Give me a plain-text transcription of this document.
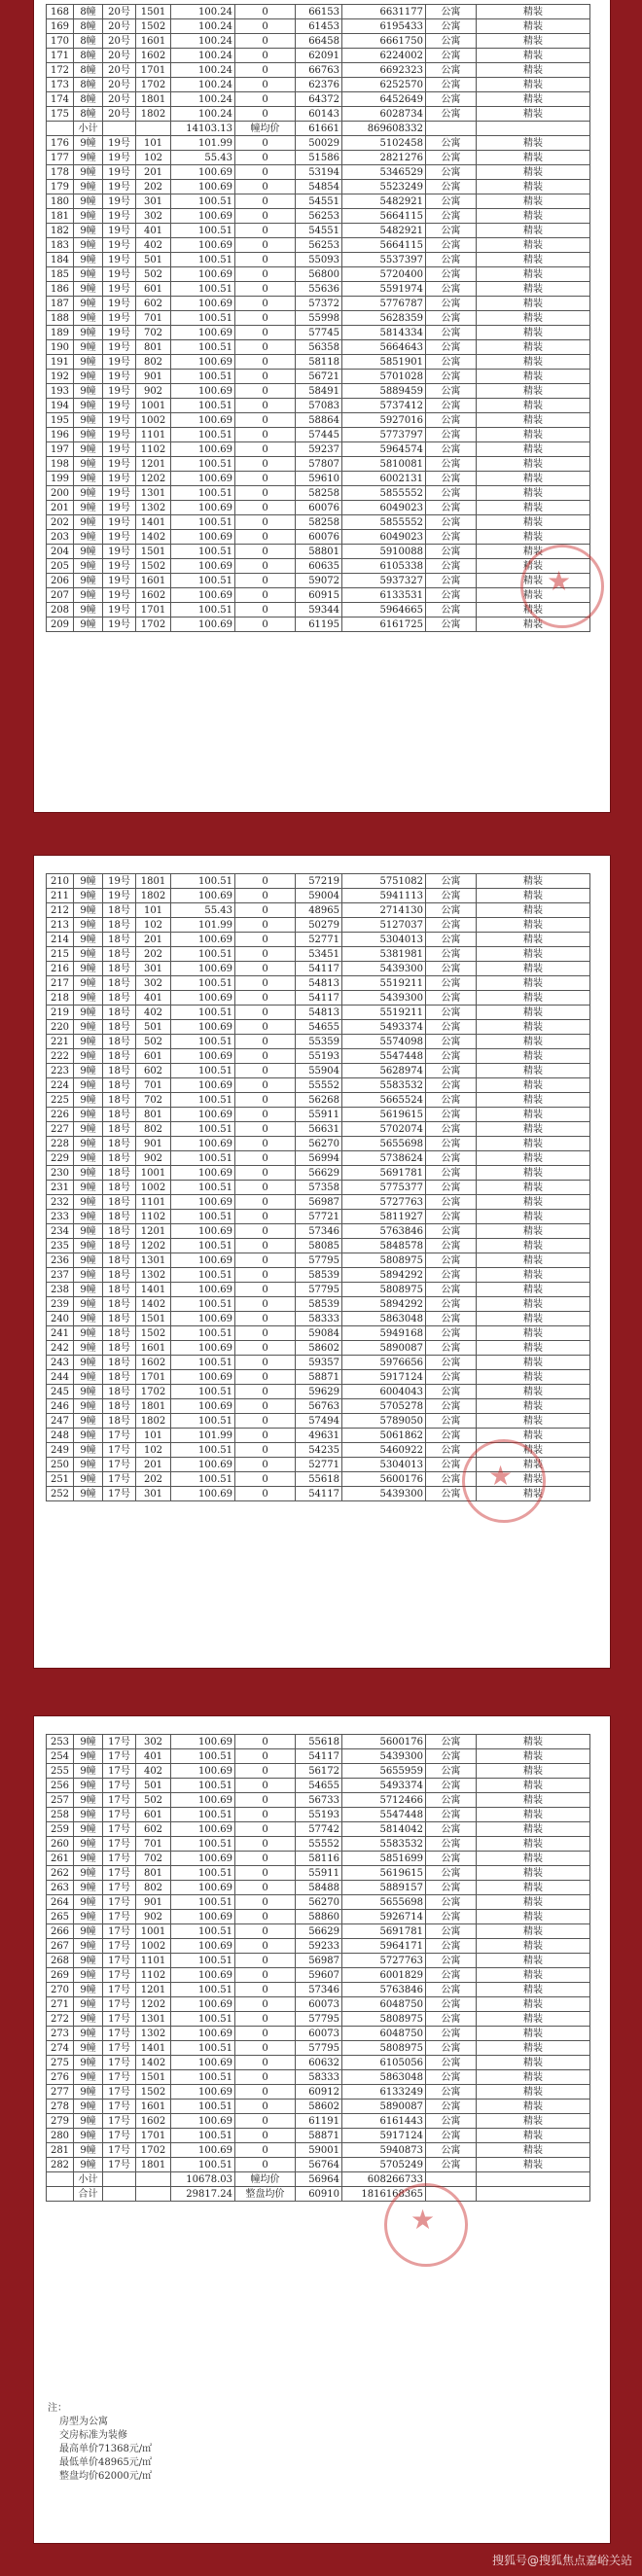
168	8幢	20号	1501	100.24	0	66153	6631177	公寓	精装
169	8幢	20号	1502	100.24	0	61453	6195433	公寓	精装
170	8幢	20号	1601	100.24	0	66458	6661750	公寓	精装
171	8幢	20号	1602	100.24	0	62091	6224002	公寓	精装
172	8幢	20号	1701	100.24	0	66763	6692323	公寓	精装
173	8幢	20号	1702	100.24	0	62376	6252570	公寓	精装
174	8幢	20号	1801	100.24	0	64372	6452649	公寓	精装
175	8幢	20号	1802	100.24	0	60143	6028734	公寓	精装
	小计			14103.13	幢均价	61661	869608332		
176	9幢	19号	101	101.99	0	50029	5102458	公寓	精装
177	9幢	19号	102	55.43	0	51586	2821276	公寓	精装
178	9幢	19号	201	100.69	0	53194	5346529	公寓	精装
179	9幢	19号	202	100.69	0	54854	5523249	公寓	精装
180	9幢	19号	301	100.51	0	54551	5482921	公寓	精装
181	9幢	19号	302	100.69	0	56253	5664115	公寓	精装
182	9幢	19号	401	100.51	0	54551	5482921	公寓	精装
183	9幢	19号	402	100.69	0	56253	5664115	公寓	精装
184	9幢	19号	501	100.51	0	55093	5537397	公寓	精装
185	9幢	19号	502	100.69	0	56800	5720400	公寓	精装
186	9幢	19号	601	100.51	0	55636	5591974	公寓	精装
187	9幢	19号	602	100.69	0	57372	5776787	公寓	精装
188	9幢	19号	701	100.51	0	55998	5628359	公寓	精装
189	9幢	19号	702	100.69	0	57745	5814334	公寓	精装
190	9幢	19号	801	100.51	0	56358	5664643	公寓	精装
191	9幢	19号	802	100.69	0	58118	5851901	公寓	精装
192	9幢	19号	901	100.51	0	56721	5701028	公寓	精装
193	9幢	19号	902	100.69	0	58491	5889459	公寓	精装
194	9幢	19号	1001	100.51	0	57083	5737412	公寓	精装
195	9幢	19号	1002	100.69	0	58864	5927016	公寓	精装
196	9幢	19号	1101	100.51	0	57445	5773797	公寓	精装
197	9幢	19号	1102	100.69	0	59237	5964574	公寓	精装
198	9幢	19号	1201	100.51	0	57807	5810081	公寓	精装
199	9幢	19号	1202	100.69	0	59610	6002131	公寓	精装
200	9幢	19号	1301	100.51	0	58258	5855552	公寓	精装
201	9幢	19号	1302	100.69	0	60076	6049023	公寓	精装
202	9幢	19号	1401	100.51	0	58258	5855552	公寓	精装
203	9幢	19号	1402	100.69	0	60076	6049023	公寓	精装
204	9幢	19号	1501	100.51	0	58801	5910088	公寓	精装
205	9幢	19号	1502	100.69	0	60635	6105338	公寓	精装
206	9幢	19号	1601	100.51	0	59072	5937327	公寓	精装
207	9幢	19号	1602	100.69	0	60915	6133531	公寓	精装
208	9幢	19号	1701	100.51	0	59344	5964665	公寓	精装
209	9幢	19号	1702	100.69	0	61195	6161725	公寓	精装
★
210	9幢	19号	1801	100.51	0	57219	5751082	公寓	精装
211	9幢	19号	1802	100.69	0	59004	5941113	公寓	精装
212	9幢	18号	101	55.43	0	48965	2714130	公寓	精装
213	9幢	18号	102	101.99	0	50279	5127037	公寓	精装
214	9幢	18号	201	100.69	0	52771	5304013	公寓	精装
215	9幢	18号	202	100.51	0	53451	5381981	公寓	精装
216	9幢	18号	301	100.69	0	54117	5439300	公寓	精装
217	9幢	18号	302	100.51	0	54813	5519211	公寓	精装
218	9幢	18号	401	100.69	0	54117	5439300	公寓	精装
219	9幢	18号	402	100.51	0	54813	5519211	公寓	精装
220	9幢	18号	501	100.69	0	54655	5493374	公寓	精装
221	9幢	18号	502	100.51	0	55359	5574098	公寓	精装
222	9幢	18号	601	100.69	0	55193	5547448	公寓	精装
223	9幢	18号	602	100.51	0	55904	5628974	公寓	精装
224	9幢	18号	701	100.69	0	55552	5583532	公寓	精装
225	9幢	18号	702	100.51	0	56268	5665524	公寓	精装
226	9幢	18号	801	100.69	0	55911	5619615	公寓	精装
227	9幢	18号	802	100.51	0	56631	5702074	公寓	精装
228	9幢	18号	901	100.69	0	56270	5655698	公寓	精装
229	9幢	18号	902	100.51	0	56994	5738624	公寓	精装
230	9幢	18号	1001	100.69	0	56629	5691781	公寓	精装
231	9幢	18号	1002	100.51	0	57358	5775377	公寓	精装
232	9幢	18号	1101	100.69	0	56987	5727763	公寓	精装
233	9幢	18号	1102	100.51	0	57721	5811927	公寓	精装
234	9幢	18号	1201	100.69	0	57346	5763846	公寓	精装
235	9幢	18号	1202	100.51	0	58085	5848578	公寓	精装
236	9幢	18号	1301	100.69	0	57795	5808975	公寓	精装
237	9幢	18号	1302	100.51	0	58539	5894292	公寓	精装
238	9幢	18号	1401	100.69	0	57795	5808975	公寓	精装
239	9幢	18号	1402	100.51	0	58539	5894292	公寓	精装
240	9幢	18号	1501	100.69	0	58333	5863048	公寓	精装
241	9幢	18号	1502	100.51	0	59084	5949168	公寓	精装
242	9幢	18号	1601	100.69	0	58602	5890087	公寓	精装
243	9幢	18号	1602	100.51	0	59357	5976656	公寓	精装
244	9幢	18号	1701	100.69	0	58871	5917124	公寓	精装
245	9幢	18号	1702	100.51	0	59629	6004043	公寓	精装
246	9幢	18号	1801	100.69	0	56763	5705278	公寓	精装
247	9幢	18号	1802	100.51	0	57494	5789050	公寓	精装
248	9幢	17号	101	101.99	0	49631	5061862	公寓	精装
249	9幢	17号	102	100.51	0	54235	5460922	公寓	精装
250	9幢	17号	201	100.69	0	52771	5304013	公寓	精装
251	9幢	17号	202	100.51	0	55618	5600176	公寓	精装
252	9幢	17号	301	100.69	0	54117	5439300	公寓	精装
★
253	9幢	17号	302	100.69	0	55618	5600176	公寓	精装
254	9幢	17号	401	100.51	0	54117	5439300	公寓	精装
255	9幢	17号	402	100.69	0	56172	5655959	公寓	精装
256	9幢	17号	501	100.51	0	54655	5493374	公寓	精装
257	9幢	17号	502	100.69	0	56733	5712466	公寓	精装
258	9幢	17号	601	100.51	0	55193	5547448	公寓	精装
259	9幢	17号	602	100.69	0	57742	5814042	公寓	精装
260	9幢	17号	701	100.51	0	55552	5583532	公寓	精装
261	9幢	17号	702	100.69	0	58116	5851699	公寓	精装
262	9幢	17号	801	100.51	0	55911	5619615	公寓	精装
263	9幢	17号	802	100.69	0	58488	5889157	公寓	精装
264	9幢	17号	901	100.51	0	56270	5655698	公寓	精装
265	9幢	17号	902	100.69	0	58860	5926714	公寓	精装
266	9幢	17号	1001	100.51	0	56629	5691781	公寓	精装
267	9幢	17号	1002	100.69	0	59233	5964171	公寓	精装
268	9幢	17号	1101	100.51	0	56987	5727763	公寓	精装
269	9幢	17号	1102	100.69	0	59607	6001829	公寓	精装
270	9幢	17号	1201	100.51	0	57346	5763846	公寓	精装
271	9幢	17号	1202	100.69	0	60073	6048750	公寓	精装
272	9幢	17号	1301	100.51	0	57795	5808975	公寓	精装
273	9幢	17号	1302	100.69	0	60073	6048750	公寓	精装
274	9幢	17号	1401	100.51	0	57795	5808975	公寓	精装
275	9幢	17号	1402	100.69	0	60632	6105056	公寓	精装
276	9幢	17号	1501	100.51	0	58333	5863048	公寓	精装
277	9幢	17号	1502	100.69	0	60912	6133249	公寓	精装
278	9幢	17号	1601	100.51	0	58602	5890087	公寓	精装
279	9幢	17号	1602	100.69	0	61191	6161443	公寓	精装
280	9幢	17号	1701	100.51	0	58871	5917124	公寓	精装
281	9幢	17号	1702	100.69	0	59001	5940873	公寓	精装
282	9幢	17号	1801	100.51	0	56764	5705249	公寓	精装
	小计			10678.03	幢均价	56964	608266733		
	合计			29817.24	整盘均价	60910	1816168365		
★
注：
房型为公寓
交房标准为装修
最高单价71368元/㎡
最低单价48965元/㎡
整盘均价62000元/㎡
搜狐号@搜狐焦点嘉峪关站
